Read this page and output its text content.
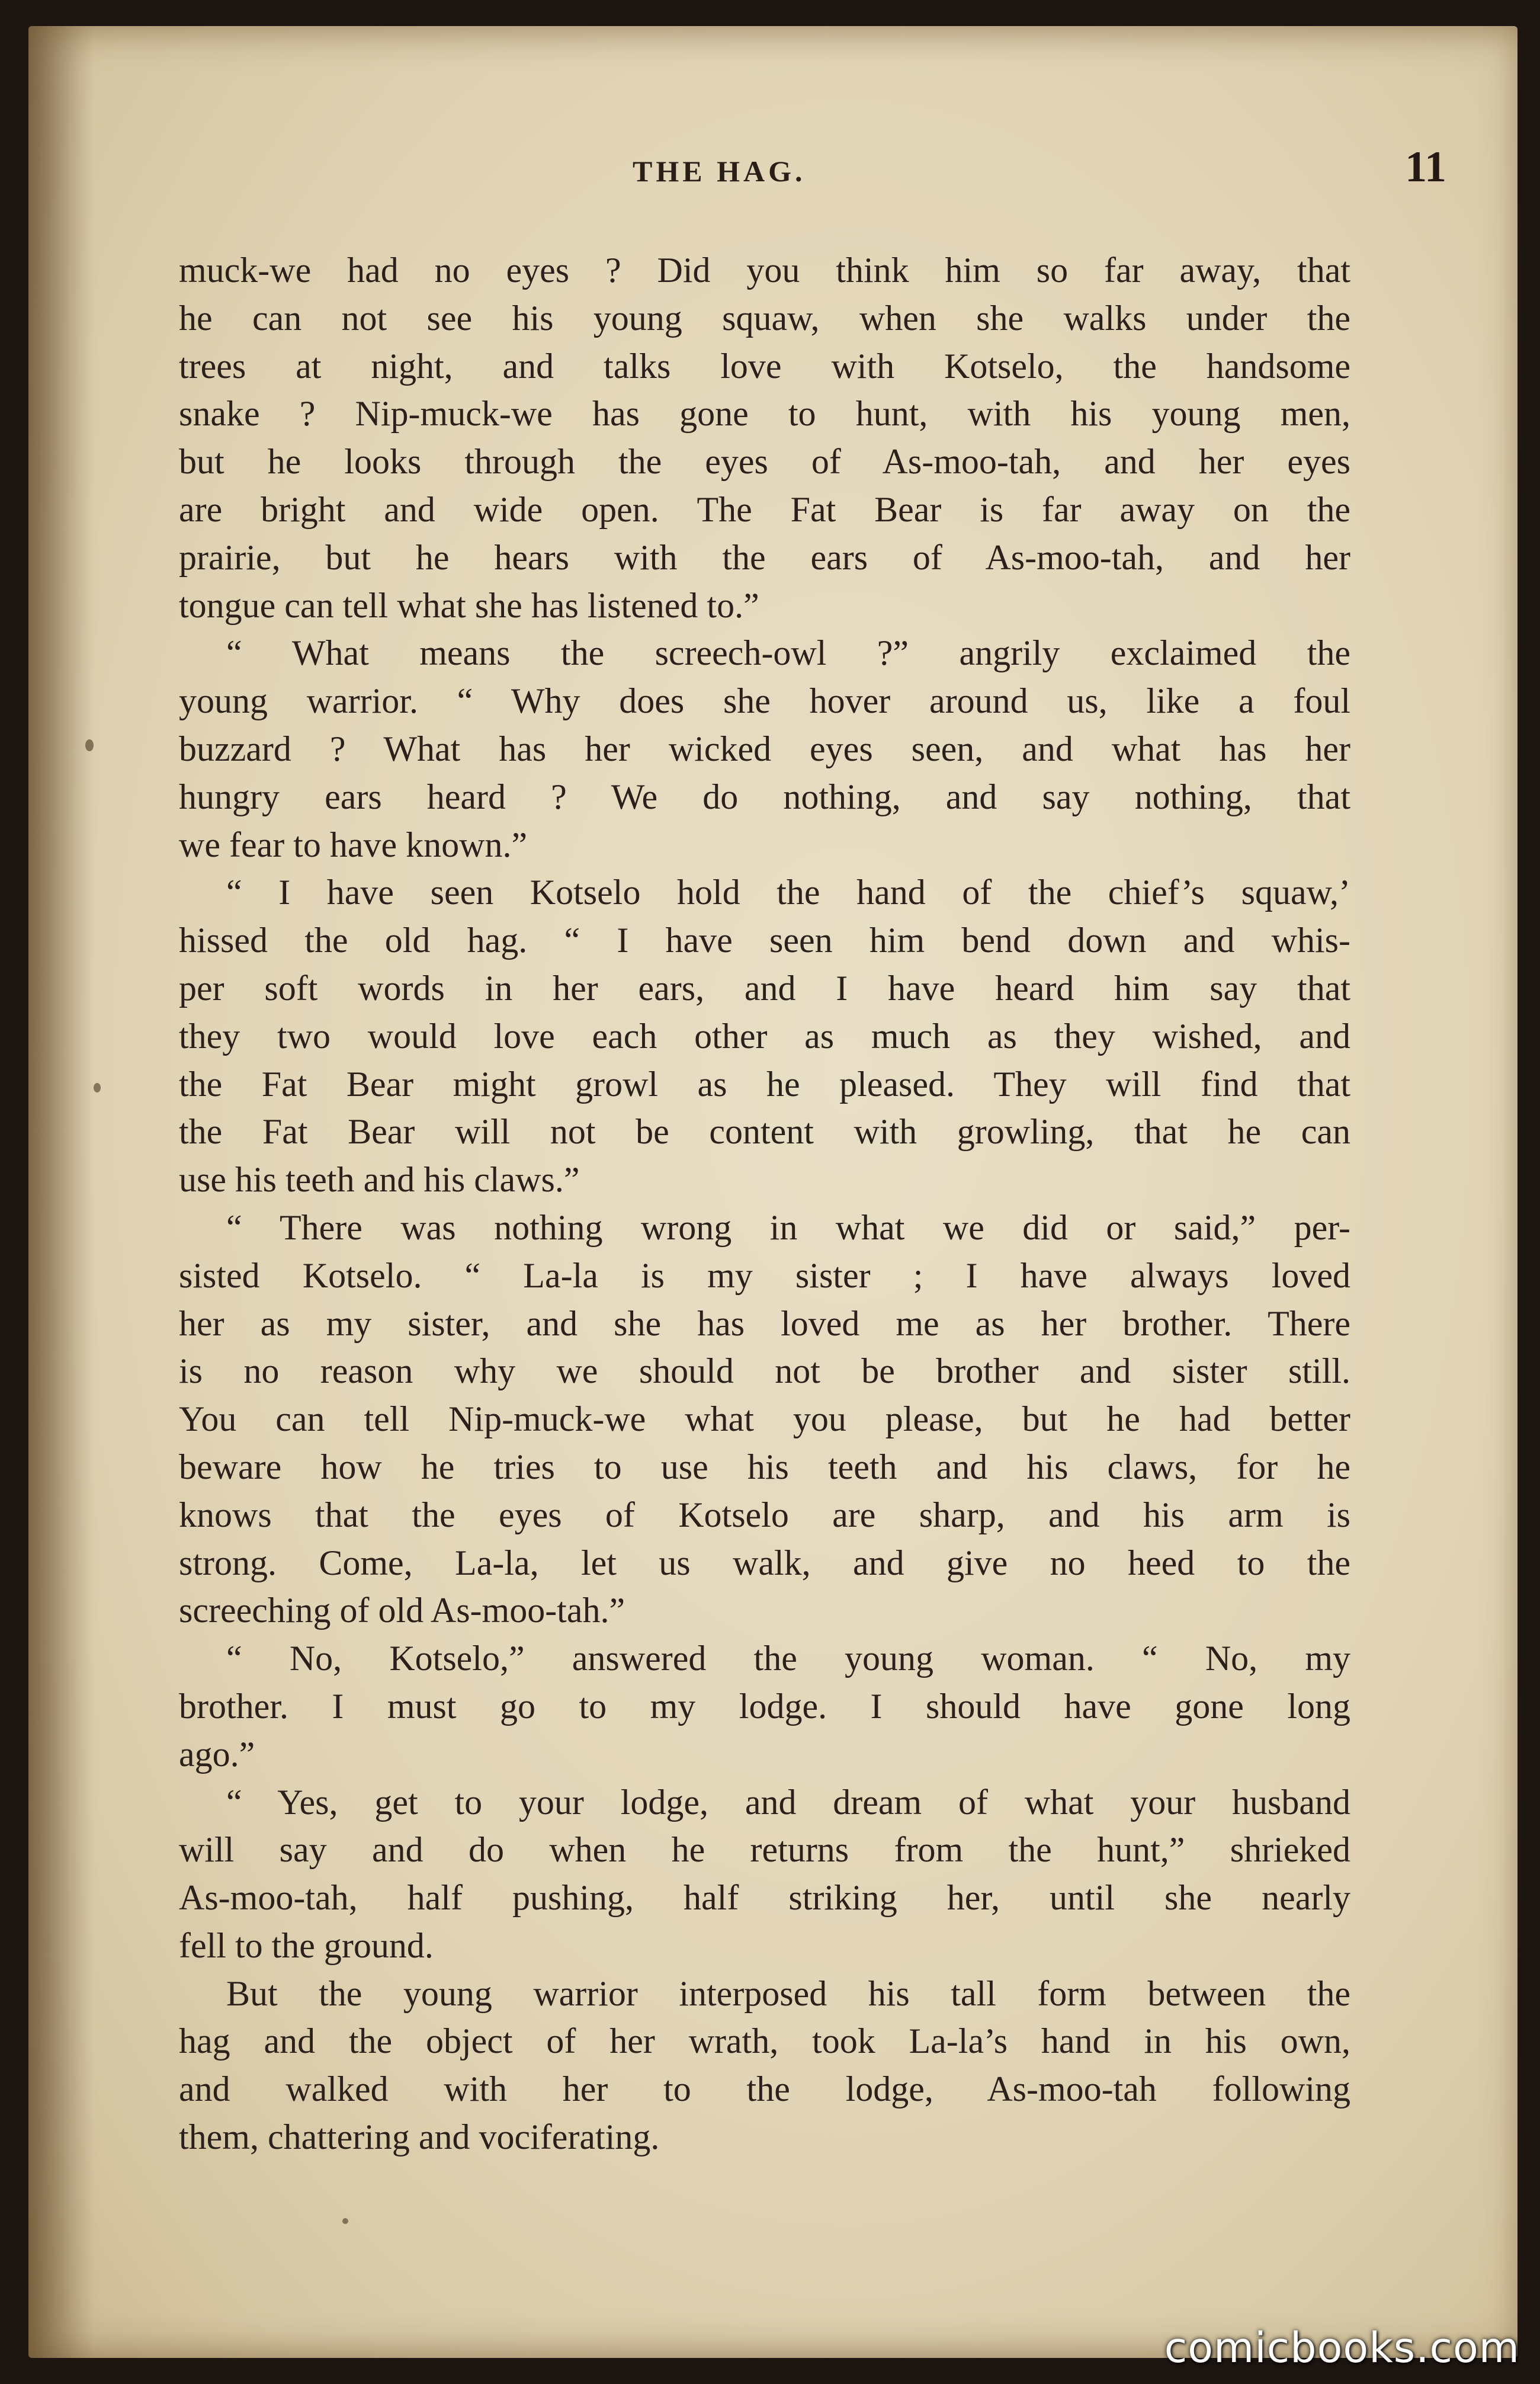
THE HAG.	11
muck-we had no eyes ? Did you think him so far away, that
he can not see his young squaw, when she walks under the
trees at night, and talks love with Kotselo, the handsome
snake ? Nip-muck-we has gone to hunt, with his young men,
but he looks through the eyes of As-moo-tah, and her eyes
are bright and wide open. The Fat Bear is far away on the
prairie, but he hears with the ears of As-moo-tah, and her
tongue can tell what she has listened to.”
“ What means the screech-owl ?” angrily exclaimed the
young warrior. “ Why does she hover around us, like a foul
buzzard ? What has her wicked eyes seen, and what has her
hungry ears heard ? We do nothing, and say nothing, that
we fear to have known.”
“ I have seen Kotselo hold the hand of the chief’s squaw,’
hissed the old hag. “ I have seen him bend down and whis-
per soft words in her ears, and I have heard him say that
they two would love each other as much as they wished, and
the Fat Bear might growl as he pleased. They will find that
the Fat Bear will not be content with growling, that he can
use his teeth and his claws.”
“ There was nothing wrong in what we did or said,” per-
sisted Kotselo. “ La-la is my sister ; I have always loved
her as my sister, and she has loved me as her brother. There
is no reason why we should not be brother and sister still.
You can tell Nip-muck-we what you please, but he had better
beware how he tries to use his teeth and his claws, for he
knows that the eyes of Kotselo are sharp, and his arm is
strong. Come, La-la, let us walk, and give no heed to the
screeching of old As-moo-tah.”
“ No, Kotselo,” answered the young woman. “ No, my
brother. I must go to my lodge. I should have gone long
ago.”
“ Yes, get to your lodge, and dream of what your husband
will say and do when he returns from the hunt,” shrieked
As-moo-tah, half pushing, half striking her, until she nearly
fell to the ground.
But the young warrior interposed his tall form between the
hag and the object of her wrath, took La-la’s hand in his own,
and walked with her to the lodge, As-moo-tah following
them, chattering and vociferating.
comicbooks.com
